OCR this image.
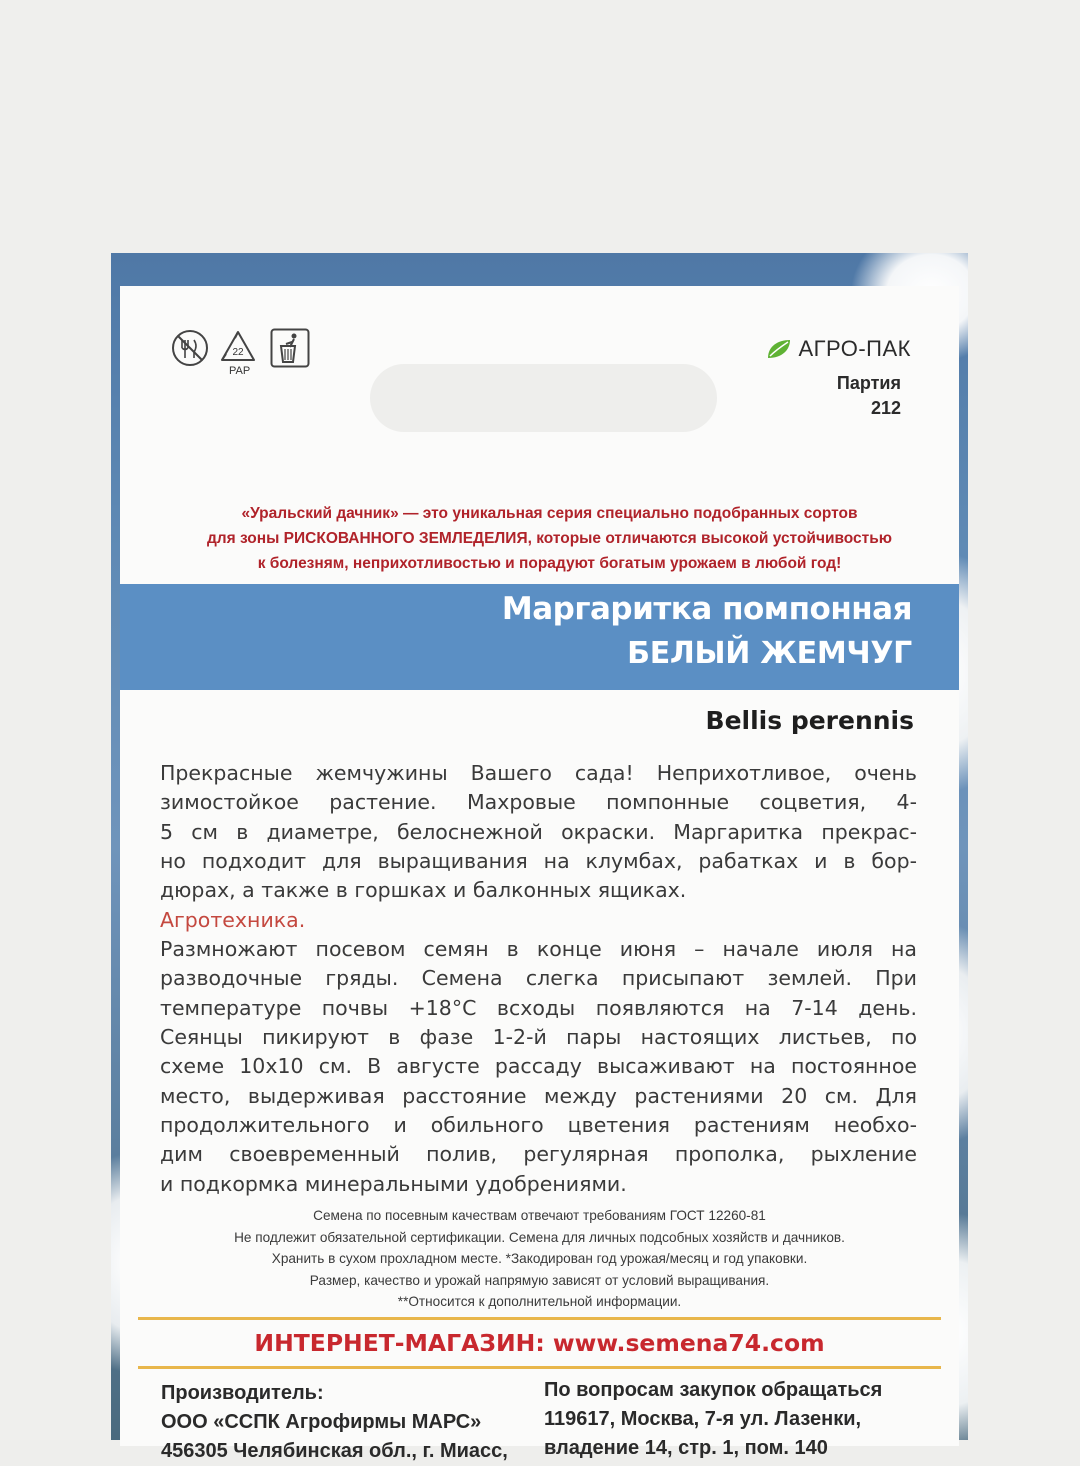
22
PAP
АГРО-ПАК
Партия
212
«Уральский дачник» — это уникальная серия специально подобранных сортов
для зоны РИСКОВАННОГО ЗЕМЛЕДЕЛИЯ, которые отличаются высокой устойчивостью
к болезням, неприхотливостью и порадуют богатым урожаем в любой год!
Маргаритка помпонная
БЕЛЫЙ ЖЕМЧУГ
Bellis perennis
Прекрасные жемчужины Вашего сада! Неприхотливое, очень
зимостойкое растение. Махровые помпонные соцветия, 4-
5 см в диаметре, белоснежной окраски. Маргаритка прекрас-
но подходит для выращивания на клумбах, рабатках и в бор-
дюрах, а также в горшках и балконных ящиках.
Агротехника.
Размножают посевом семян в конце июня – начале июля на
разводочные гряды. Семена слегка присыпают землей. При
температуре почвы +18°С всходы появляются на 7-14 день.
Сеянцы пикируют в фазе 1-2-й пары настоящих листьев, по
схеме 10х10 см. В августе рассаду высаживают на постоянное
место, выдерживая расстояние между растениями 20 см. Для
продолжительного и обильного цветения растениям необхо-
дим своевременный полив, регулярная прополка, рыхление
и подкормка минеральными удобрениями.
Семена по посевным качествам отвечают требованиям ГОСТ 12260-81
Не подлежит обязательной сертификации. Семена для личных подсобных хозяйств и дачников.
Хранить в сухом прохладном месте. *Закодирован год урожая/месяц и год упаковки.
Размер, качество и урожай напрямую зависят от условий выращивания.
**Относится к дополнительной информации.
ИНТЕРНЕТ-МАГАЗИН: www.semena74.com
Производитель:
ООО «ССПК Агрофирмы МАРС»
456305 Челябинская обл., г. Миасс,
По вопросам закупок обращаться
119617, Москва, 7-я ул. Лазенки,
владение 14, стр. 1, пом. 140
